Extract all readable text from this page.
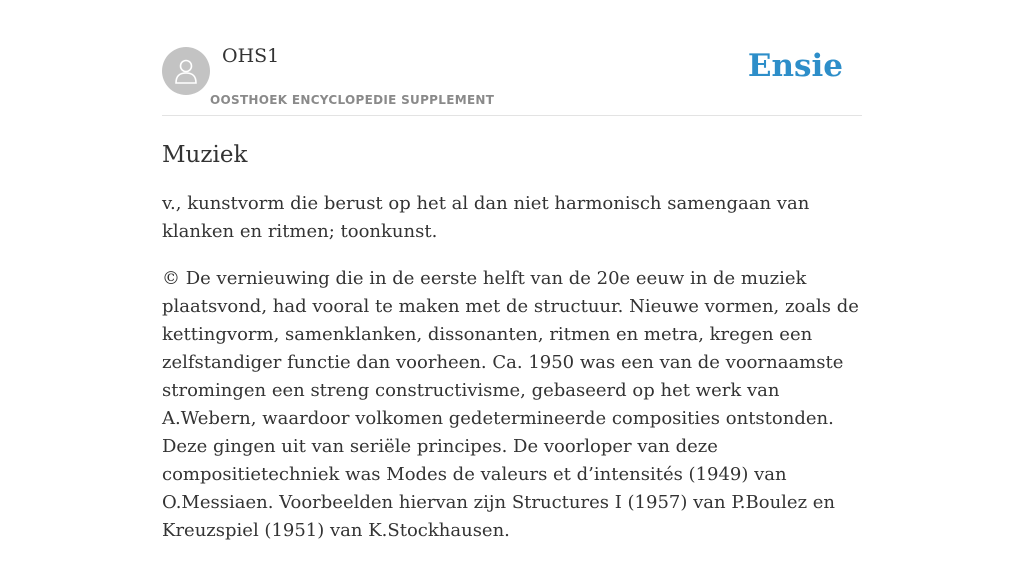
OHS1
OOSTHOEK ENCYCLOPEDIE SUPPLEMENT
Ensie
Muziek

v., kunstvorm die berust op het al dan niet harmonisch samengaan van klanken en ritmen; toonkunst.

© De vernieuwing die in de eerste helft van de 20e eeuw in de muziek plaatsvond, had vooral te maken met de structuur. Nieuwe vormen, zoals de kettingvorm, samenklanken, dissonanten, ritmen en metra, kregen een zelfstandiger functie dan voorheen. Ca. 1950 was een van de voornaamste stromingen een streng constructivisme, gebaseerd op het werk van A.Webern, waardoor volkomen gedetermineerde composities ontstonden. Deze gingen uit van seriële principes. De voorloper van deze compositietechniek was Modes de valeurs et d’intensités (1949) van O.Messiaen. Voorbeelden hiervan zijn Structures I (1957) van P.Boulez en Kreuzspiel (1951) van K.Stockhausen.
